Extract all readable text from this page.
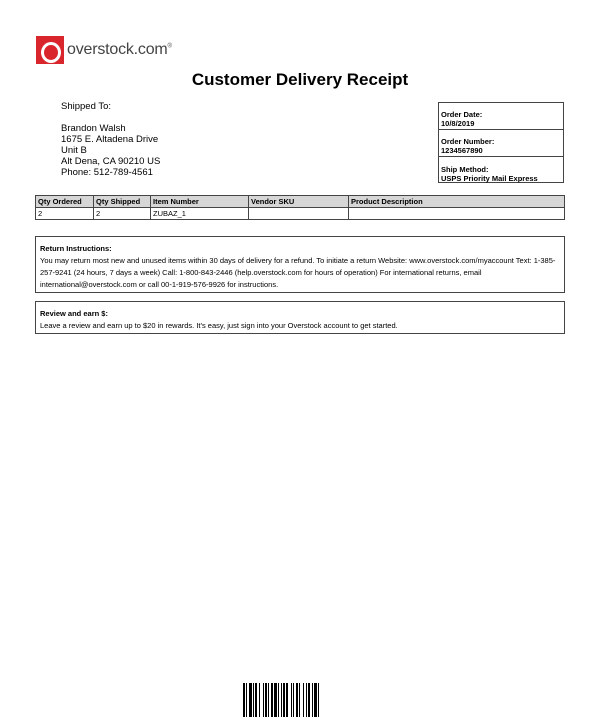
overstock.com®
Customer Delivery Receipt
Shipped To:
Brandon Walsh
1675 E. Altadena Drive
Unit B
Alt Dena, CA 90210 US
Phone: 512-789-4561
Order Date:
10/8/2019
Order Number:
1234567890
Ship Method:
USPS Priority Mail Express
Qty Ordered	Qty Shipped	Item Number	Vendor SKU	Product Description
2	2	ZUBAZ_1		
Return Instructions:
You may return most new and unused items within 30 days of delivery for a refund. To initiate a return Website: www.overstock.com/myaccount Text: 1-385-257-9241 (24 hours, 7 days a week) Call: 1-800-843-2446 (help.overstock.com for hours of operation) For international returns, email international@overstock.com or call 00-1-919-576-9926 for instructions.
Review and earn $:
Leave a review and earn up to $20 in rewards. It's easy, just sign into your Overstock account to get started.
